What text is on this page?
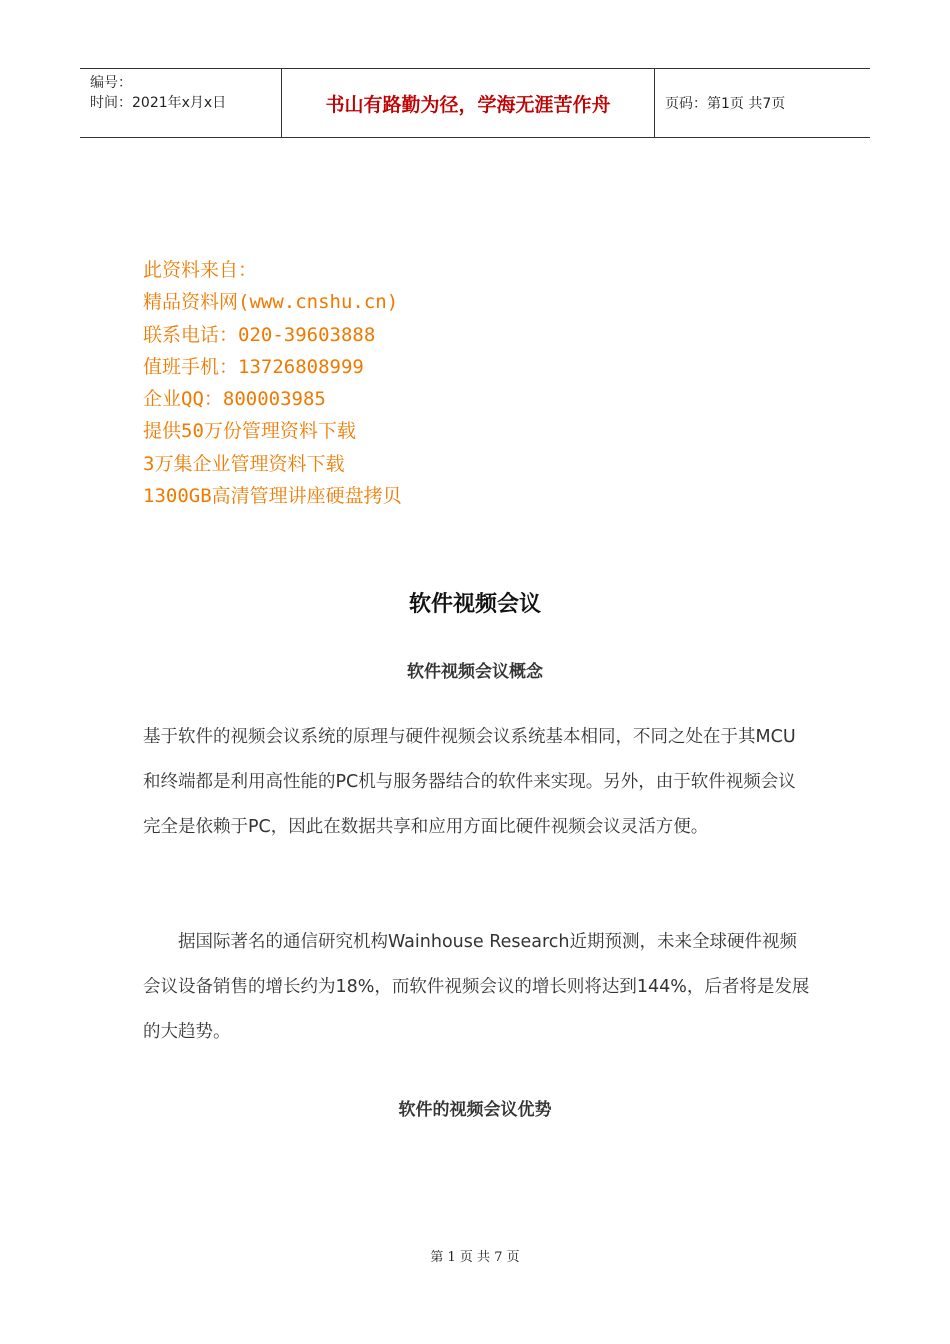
编号：
时间：2021年x月x日	书山有路勤为径，学海无涯苦作舟	页码：第1页 共7页
此资料来自：
精品资料网(www.cnshu.cn)
联系电话：020-39603888
值班手机：13726808999
企业QQ：800003985
提供50万份管理资料下载
3万集企业管理资料下载
1300GB高清管理讲座硬盘拷贝
软件视频会议
软件视频会议概念
基于软件的视频会议系统的原理与硬件视频会议系统基本相同，不同之处在于其MCU和终端都是利用高性能的PC机与服务器结合的软件来实现。另外，由于软件视频会议完全是依赖于PC，因此在数据共享和应用方面比硬件视频会议灵活方便。
据国际著名的通信研究机构Wainhouse Research近期预测，未来全球硬件视频会议设备销售的增长约为18%，而软件视频会议的增长则将达到144%，后者将是发展的大趋势。
软件的视频会议优势
第 1 页 共 7 页
